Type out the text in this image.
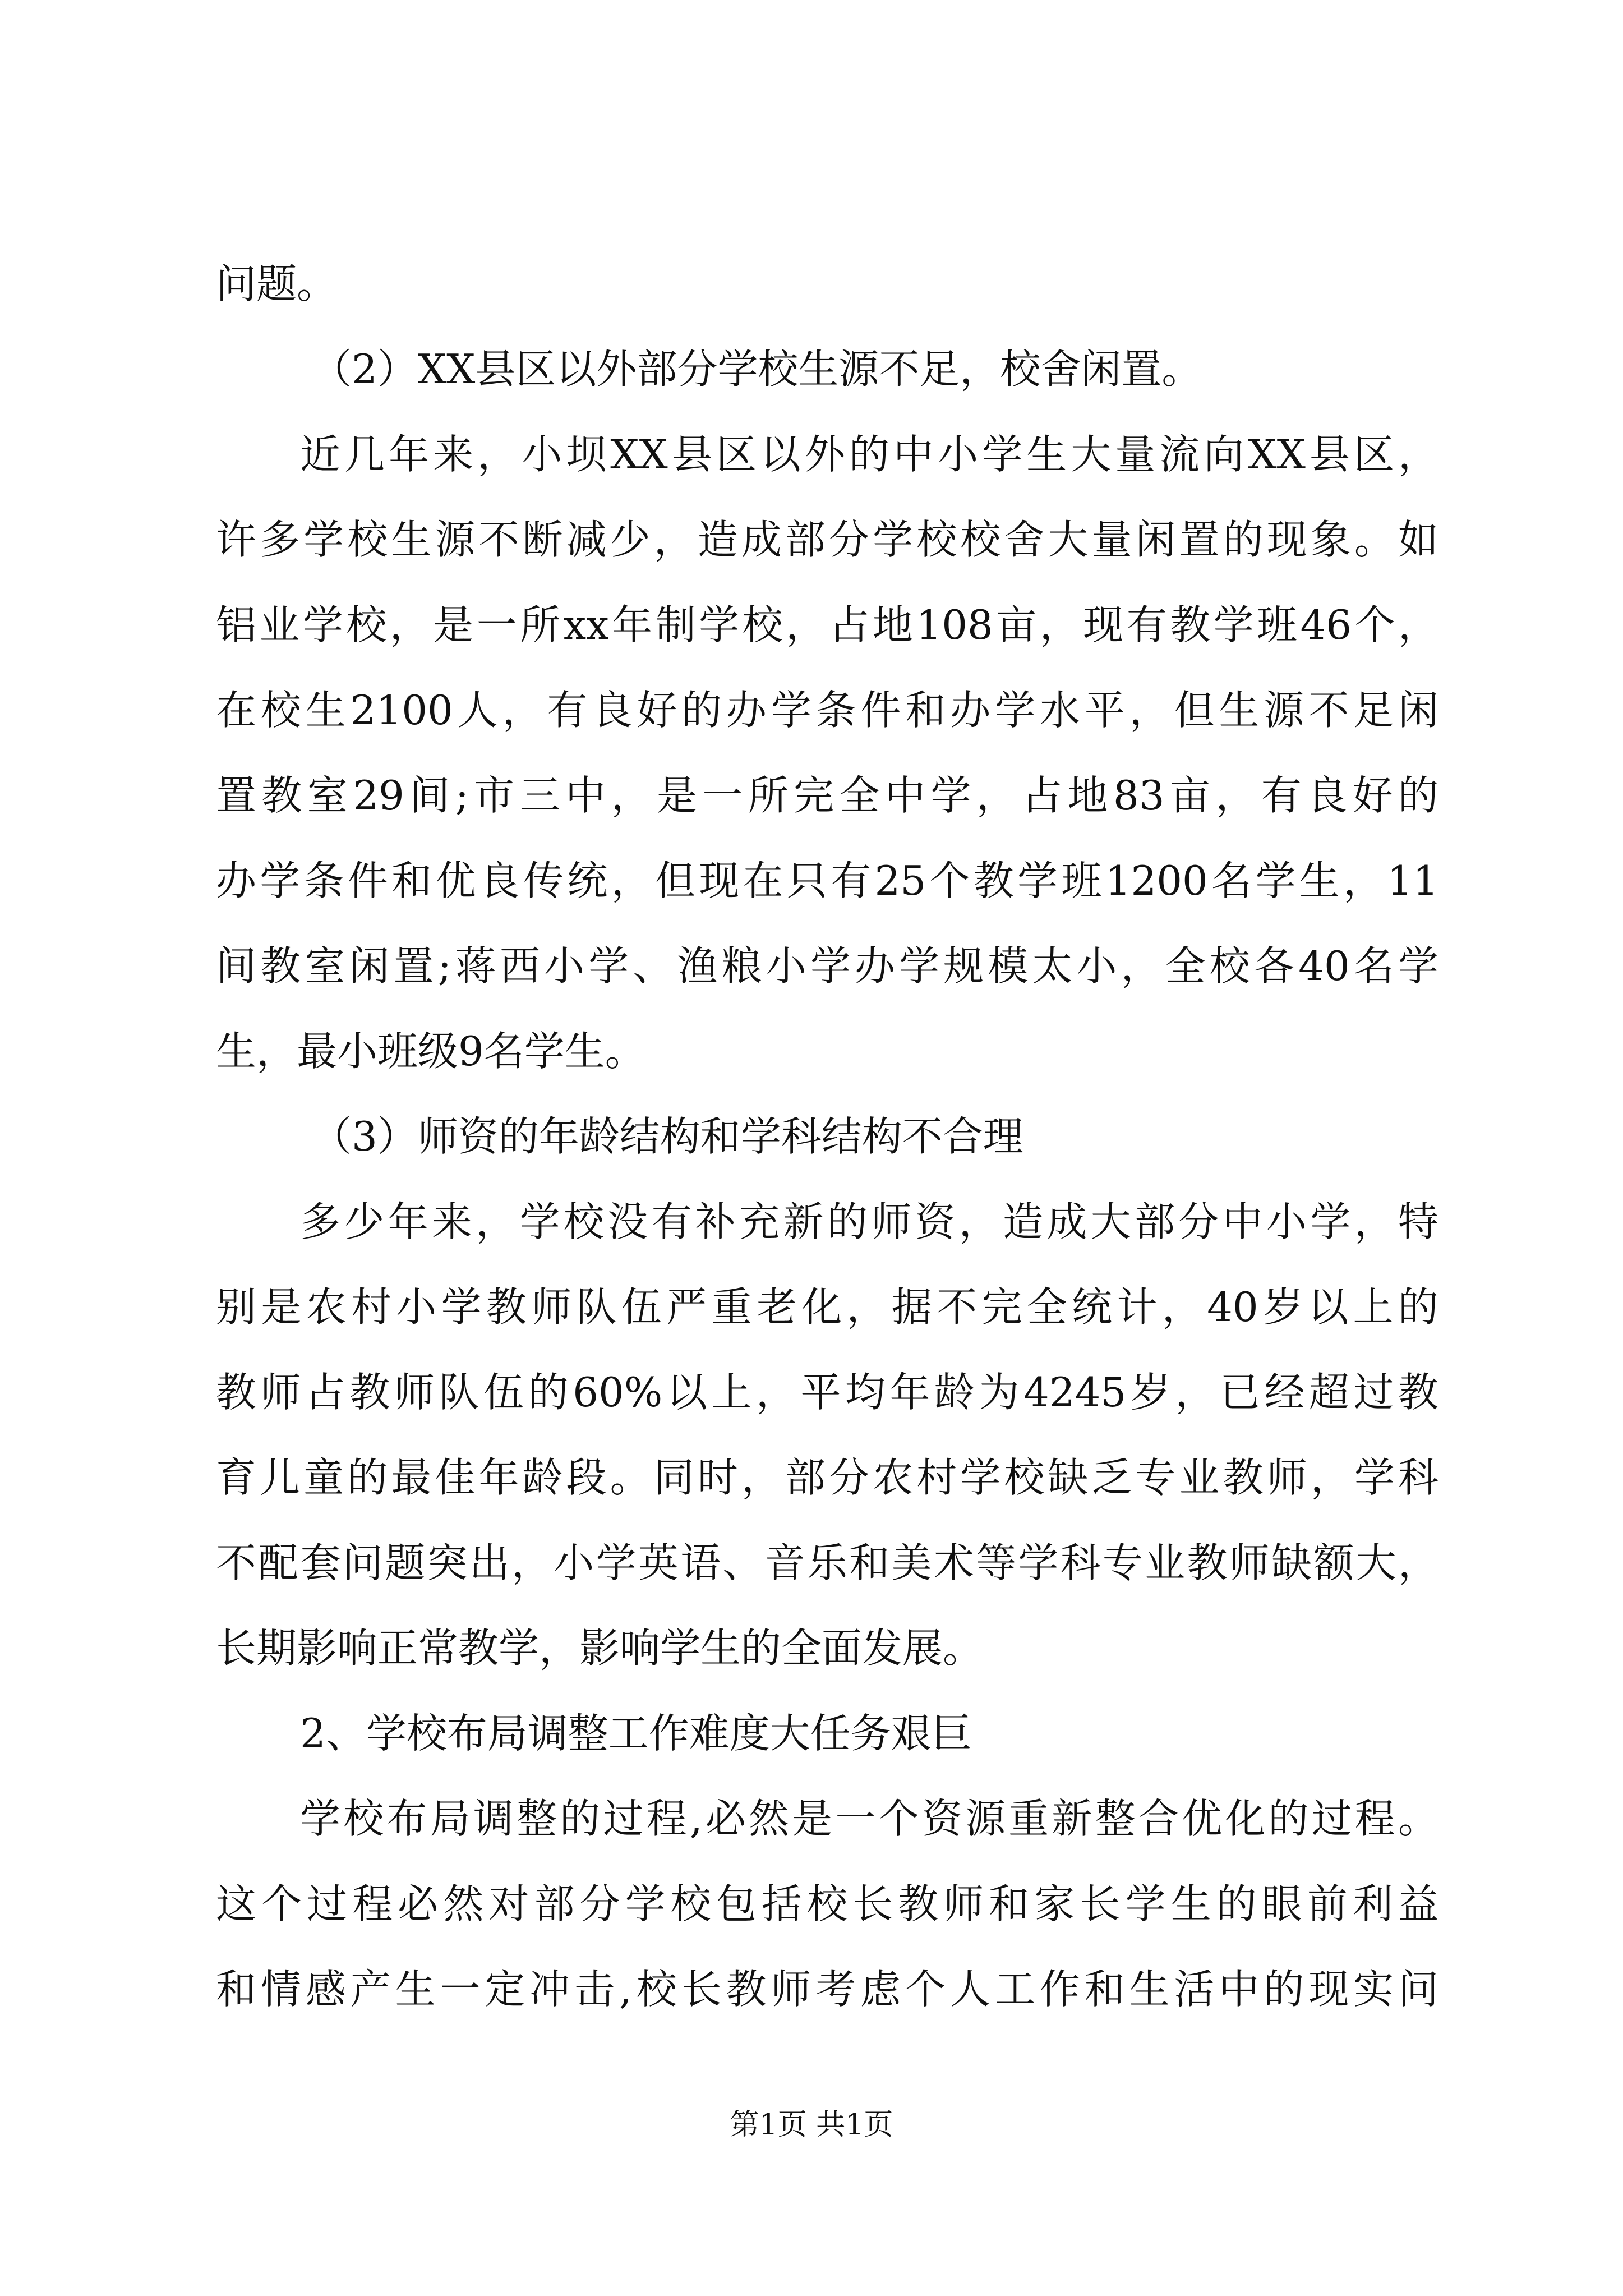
问题。
（2）XX县区以外部分学校生源不足，校舍闲置。
近几年来，小坝XX县区以外的中小学生大量流向XX县区，
许多学校生源不断减少，造成部分学校校舍大量闲置的现象。如
铝业学校，是一所xx年制学校，占地108亩，现有教学班46个，
在校生2100人，有良好的办学条件和办学水平，但生源不足闲
置教室29间;市三中，是一所完全中学，占地83亩，有良好的
办学条件和优良传统，但现在只有25个教学班1200名学生，11
间教室闲置;蒋西小学、渔粮小学办学规模太小，全校各40名学
生，最小班级9名学生。
（3）师资的年龄结构和学科结构不合理
多少年来，学校没有补充新的师资，造成大部分中小学，特
别是农村小学教师队伍严重老化，据不完全统计，40岁以上的
教师占教师队伍的60%以上，平均年龄为4245岁，已经超过教
育儿童的最佳年龄段。同时，部分农村学校缺乏专业教师，学科
不配套问题突出，小学英语、音乐和美术等学科专业教师缺额大，
长期影响正常教学，影响学生的全面发展。
2、学校布局调整工作难度大任务艰巨
学校布局调整的过程,必然是一个资源重新整合优化的过程。
这个过程必然对部分学校包括校长教师和家长学生的眼前利益
和情感产生一定冲击,校长教师考虑个人工作和生活中的现实问
第1页 共1页
